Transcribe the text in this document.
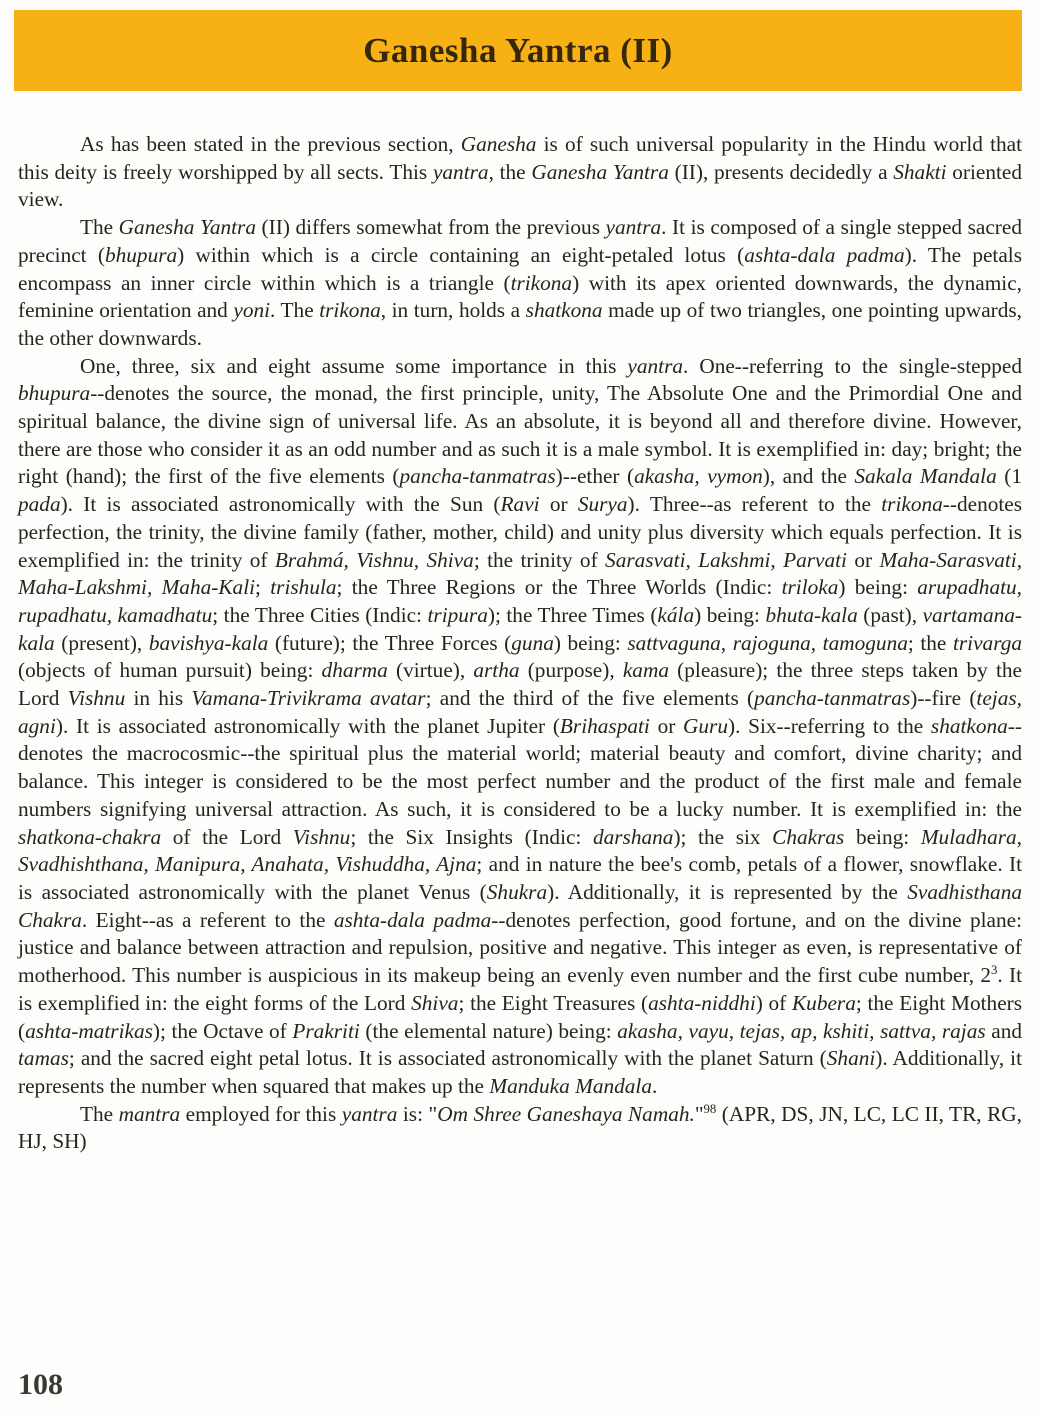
Ganesha Yantra (II)

As has been stated in the previous section, Ganesha is of such universal popularity in the Hindu world that this deity is freely worshipped by all sects. This yantra, the Ganesha Yantra (II), presents decidedly a Shakti oriented view.

The Ganesha Yantra (II) differs somewhat from the previous yantra. It is composed of a single stepped sacred precinct (bhupura) within which is a circle containing an eight-petaled lotus (ashta-dala padma). The petals encompass an inner circle within which is a triangle (trikona) with its apex oriented downwards, the dynamic, feminine orientation and yoni. The trikona, in turn, holds a shatkona made up of two triangles, one pointing upwards, the other downwards.

One, three, six and eight assume some importance in this yantra. One--referring to the single-stepped bhupura--denotes the source, the monad, the first principle, unity, The Absolute One and the Primordial One and spiritual balance, the divine sign of universal life. As an absolute, it is beyond all and therefore divine. However, there are those who consider it as an odd number and as such it is a male symbol. It is exemplified in: day; bright; the right (hand); the first of the five elements (pancha-tanmatras)--ether (akasha, vymon), and the Sakala Mandala (1 pada). It is associated astronomically with the Sun (Ravi or Surya). Three--as referent to the trikona--denotes perfection, the trinity, the divine family (father, mother, child) and unity plus diversity which equals perfection. It is exemplified in: the trinity of Brahmá, Vishnu, Shiva; the trinity of Sarasvati, Lakshmi, Parvati or Maha-Sarasvati, Maha-Lakshmi, Maha-Kali; trishula; the Three Regions or the Three Worlds (Indic: triloka) being: arupadhatu, rupadhatu, kamadhatu; the Three Cities (Indic: tripura); the Three Times (kála) being: bhuta-kala (past), vartamana-kala (present), bavishya-kala (future); the Three Forces (guna) being: sattvaguna, rajoguna, tamoguna; the trivarga (objects of human pursuit) being: dharma (virtue), artha (purpose), kama (pleasure); the three steps taken by the Lord Vishnu in his Vamana-Trivikrama avatar; and the third of the five elements (pancha-tanmatras)--fire (tejas, agni). It is associated astronomically with the planet Jupiter (Brihaspati or Guru). Six--referring to the shatkona--denotes the macrocosmic--the spiritual plus the material world; material beauty and comfort, divine charity; and balance. This integer is considered to be the most perfect number and the product of the first male and female numbers signifying universal attraction. As such, it is considered to be a lucky number. It is exemplified in: the shatkona-chakra of the Lord Vishnu; the Six Insights (Indic: darshana); the six Chakras being: Muladhara, Svadhishthana, Manipura, Anahata, Vishuddha, Ajna; and in nature the bee's comb, petals of a flower, snowflake. It is associated astronomically with the planet Venus (Shukra). Additionally, it is represented by the Svadhisthana Chakra. Eight--as a referent to the ashta-dala padma--denotes perfection, good fortune, and on the divine plane: justice and balance between attraction and repulsion, positive and negative. This integer as even, is representative of motherhood. This number is auspicious in its makeup being an evenly even number and the first cube number, $2^3$. It is exemplified in: the eight forms of the Lord Shiva; the Eight Treasures (ashta-niddhi) of Kubera; the Eight Mothers (ashta-matrikas); the Octave of Prakriti (the elemental nature) being: akasha, vayu, tejas, ap, kshiti, sattva, rajas and tamas; and the sacred eight petal lotus. It is associated astronomically with the planet Saturn (Shani). Additionally, it represents the number when squared that makes up the Manduka Mandala.

The mantra employed for this yantra is: "Om Shree Ganeshaya Namah."$^{98}$ (APR, DS, JN, LC, LC II, TR, RG, HJ, SH)

108
